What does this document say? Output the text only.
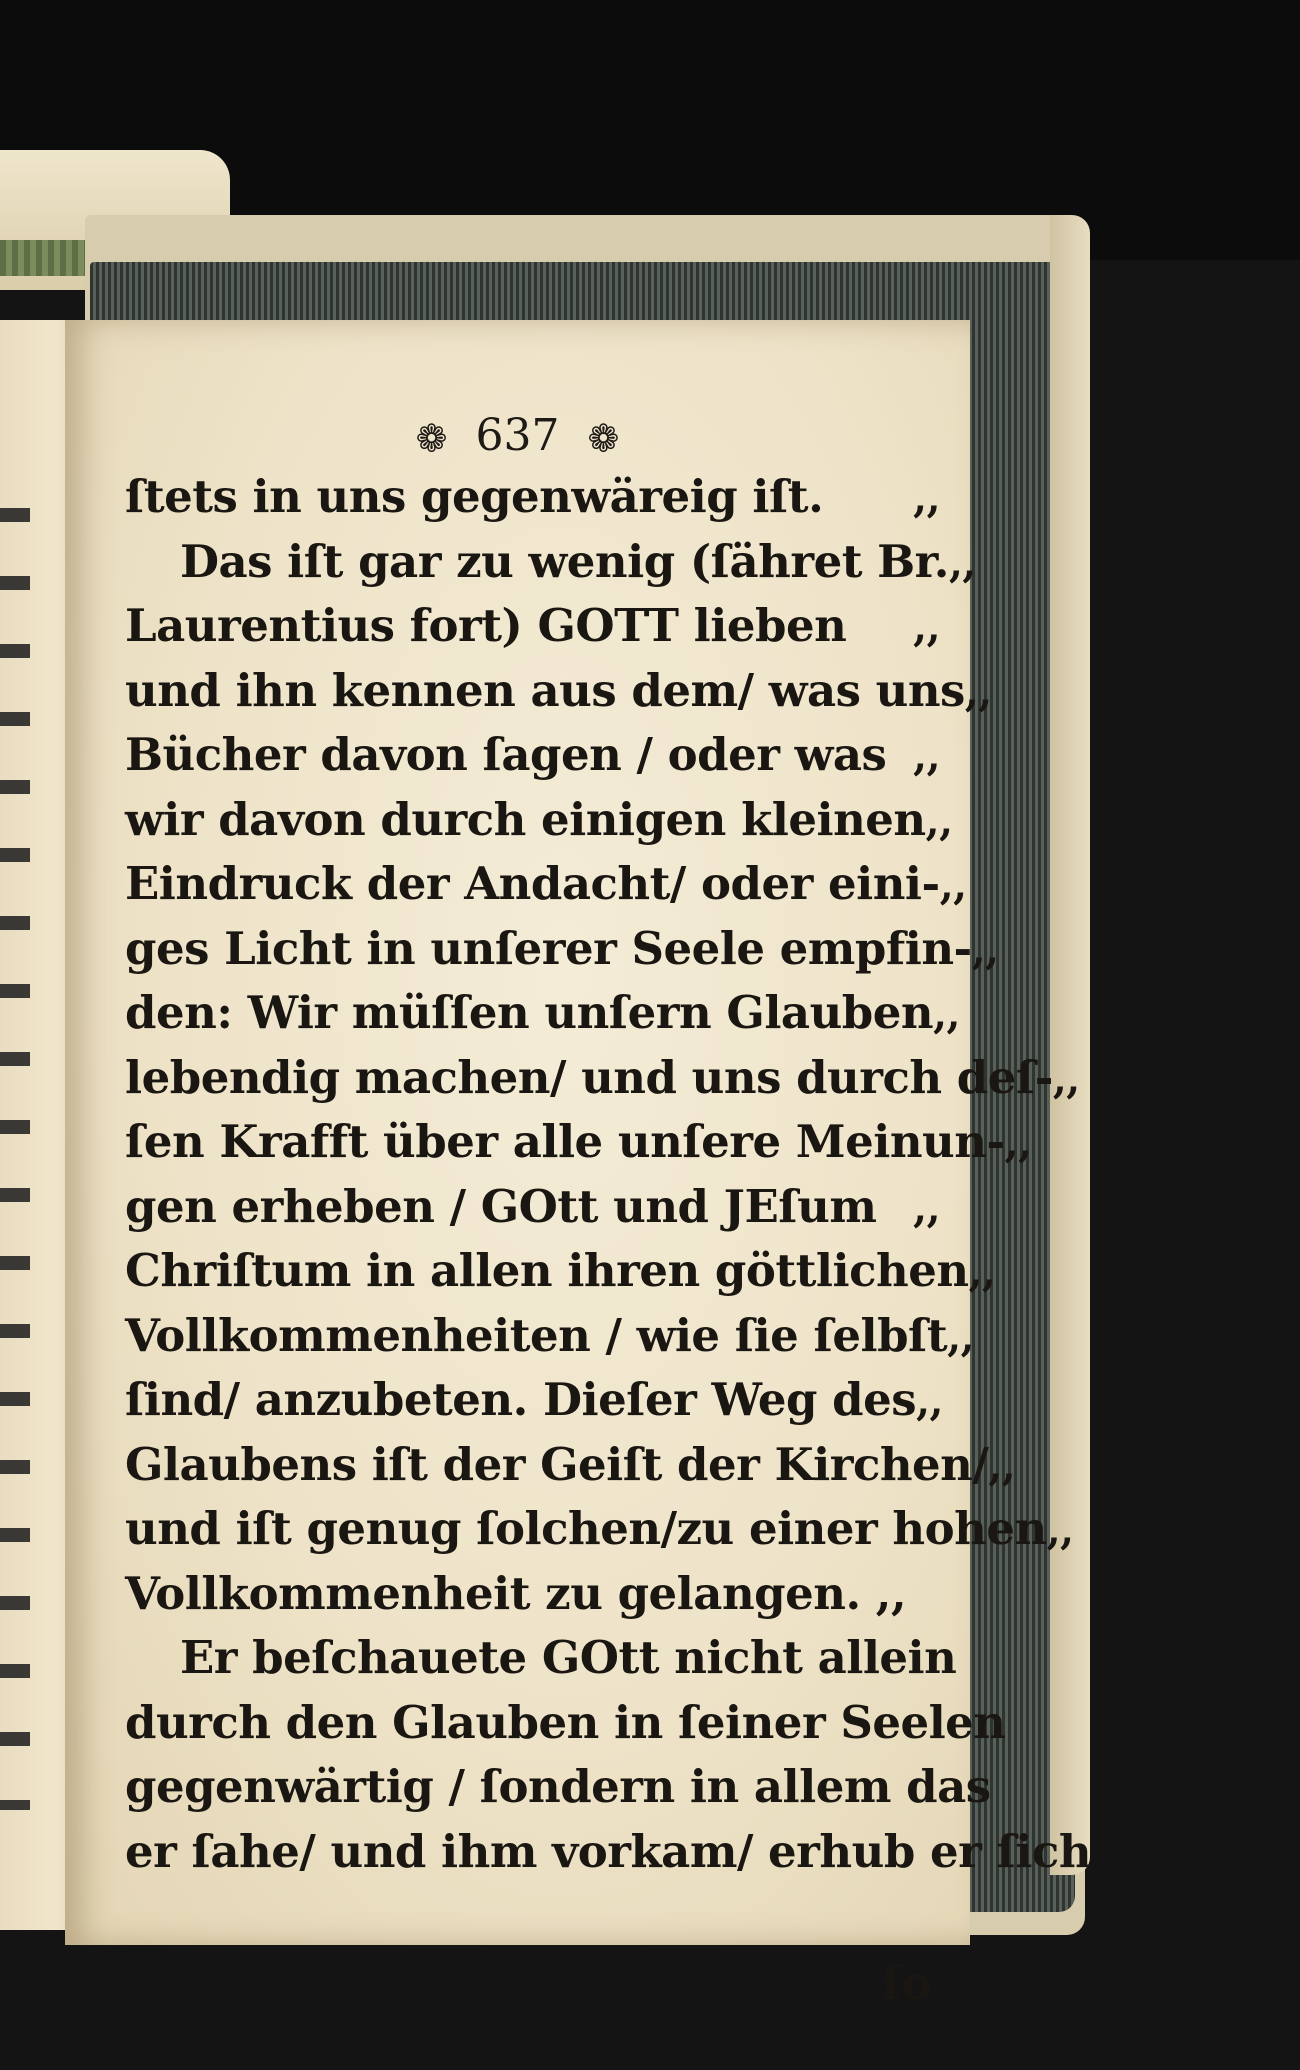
❁ 637 ❁
ſtets in uns gegenwäreig iſt.	,,
Das iſt gar zu wenig (ſähret Br. ,,
Laurentius fort) GOTT lieben	,,
und ihn kennen aus dem/ was uns ,,
Bücher davon ſagen / oder was ,,
wir davon durch einigen kleinen ,,
Eindruck der Andacht/ oder eini- ,,
ges Licht in unſerer Seele empfin- ,,
den: Wir müſſen unſern Glauben ,,
lebendig machen/ und uns durch deſ- ,,
ſen Krafft über alle unſere Meinun- ,,
gen erheben / GOtt und JEſum ,,
Chriſtum in allen ihren göttlichen ,,
Vollkommenheiten / wie ſie ſelbſt ,,
ſind/ anzubeten. Dieſer Weg des ,,
Glaubens iſt der Geiſt der Kirchen/ ,,
und iſt genug ſolchen/zu einer hohen ,,
Vollkommenheit zu gelangen. ,,
Er beſchauete GOtt nicht allein
durch den Glauben in ſeiner Seelen
gegenwärtig / ſondern in allem das
er ſahe/ und ihm vorkam/ erhub er ſich
ſo
